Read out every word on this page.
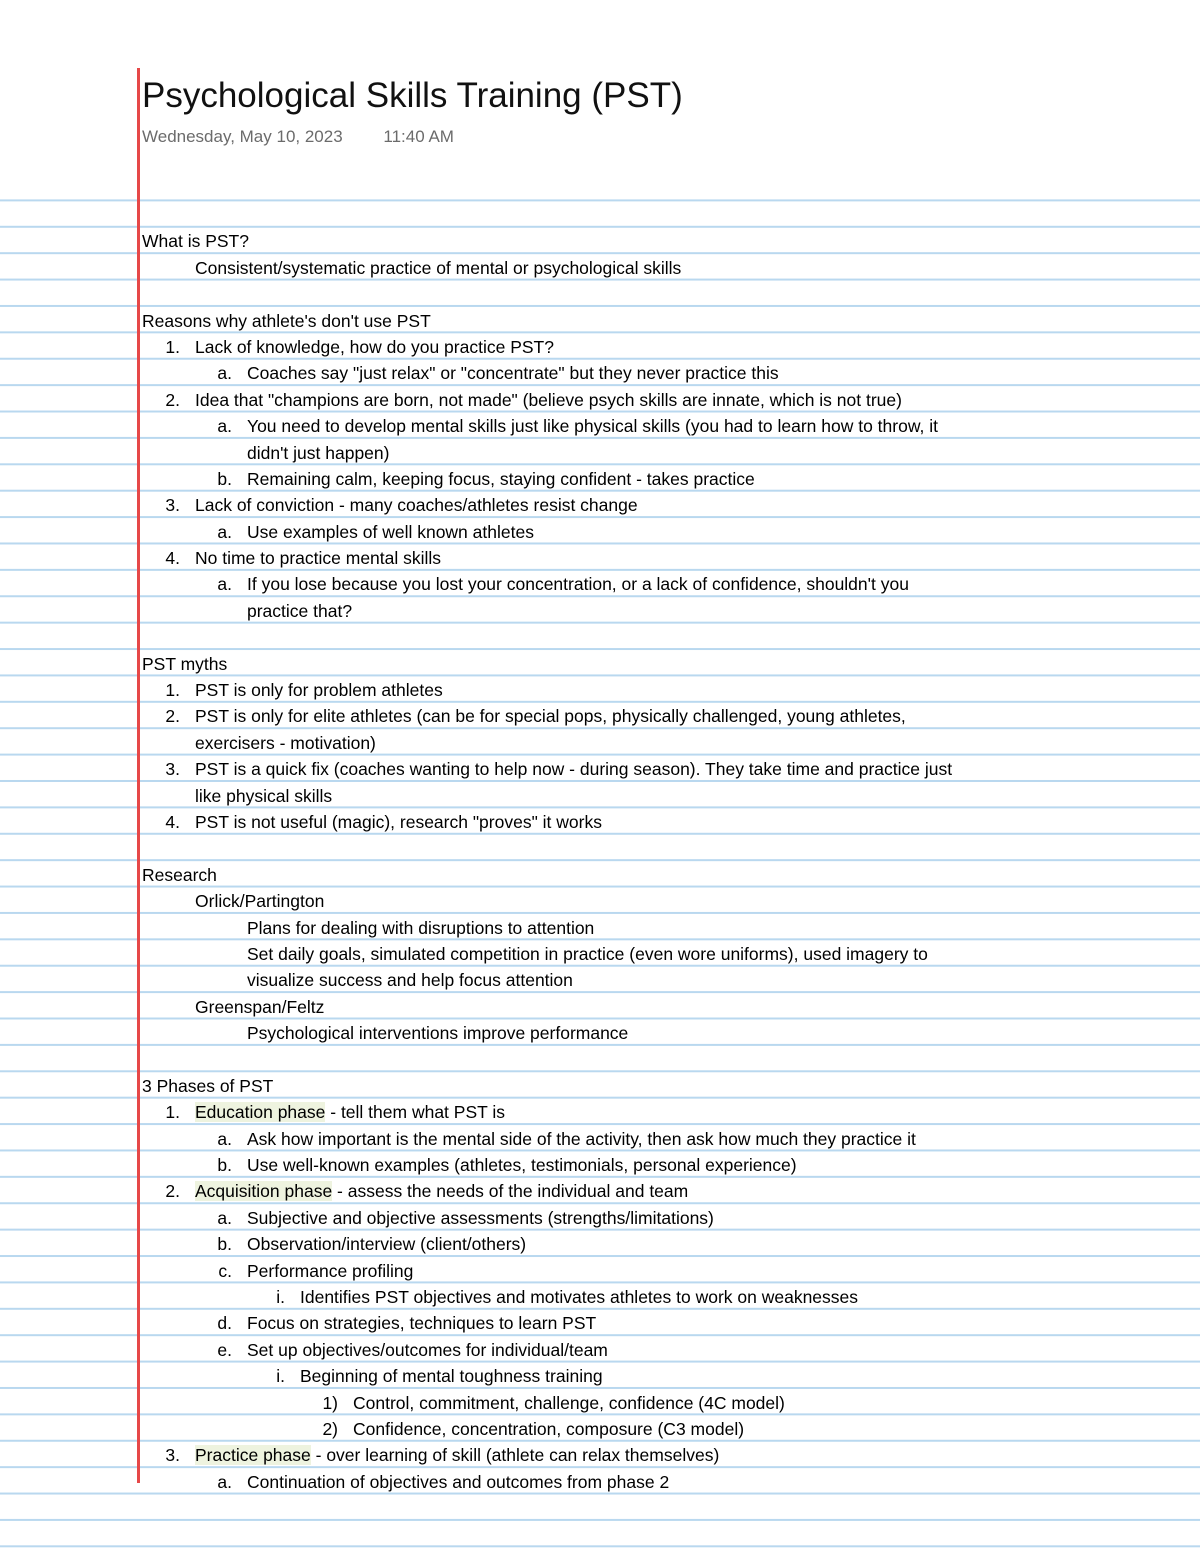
Psychological Skills Training (PST)
Wednesday, May 10, 2023 11:40 AM
What is PST?
Consistent/systematic practice of mental or psychological skills
Reasons why athlete's don't use PST
1. Lack of knowledge, how do you practice PST?
a. Coaches say "just relax" or "concentrate" but they never practice this
2. Idea that "champions are born, not made" (believe psych skills are innate, which is not true)
a. You need to develop mental skills just like physical skills (you had to learn how to throw, it
didn't just happen)
b. Remaining calm, keeping focus, staying confident - takes practice
3. Lack of conviction - many coaches/athletes resist change
a. Use examples of well known athletes
4. No time to practice mental skills
a. If you lose because you lost your concentration, or a lack of confidence, shouldn't you
practice that?
PST myths
1. PST is only for problem athletes
2. PST is only for elite athletes (can be for special pops, physically challenged, young athletes,
exercisers - motivation)
3. PST is a quick fix (coaches wanting to help now - during season). They take time and practice just
like physical skills
4. PST is not useful (magic), research "proves" it works
Research
Orlick/Partington
Plans for dealing with disruptions to attention
Set daily goals, simulated competition in practice (even wore uniforms), used imagery to
visualize success and help focus attention
Greenspan/Feltz
Psychological interventions improve performance
3 Phases of PST
1. Education phase - tell them what PST is
a. Ask how important is the mental side of the activity, then ask how much they practice it
b. Use well-known examples (athletes, testimonials, personal experience)
2. Acquisition phase - assess the needs of the individual and team
a. Subjective and objective assessments (strengths/limitations)
b. Observation/interview (client/others)
c. Performance profiling
i. Identifies PST objectives and motivates athletes to work on weaknesses
d. Focus on strategies, techniques to learn PST
e. Set up objectives/outcomes for individual/team
i. Beginning of mental toughness training
1) Control, commitment, challenge, confidence (4C model)
2) Confidence, concentration, composure (C3 model)
3. Practice phase - over learning of skill (athlete can relax themselves)
a. Continuation of objectives and outcomes from phase 2
